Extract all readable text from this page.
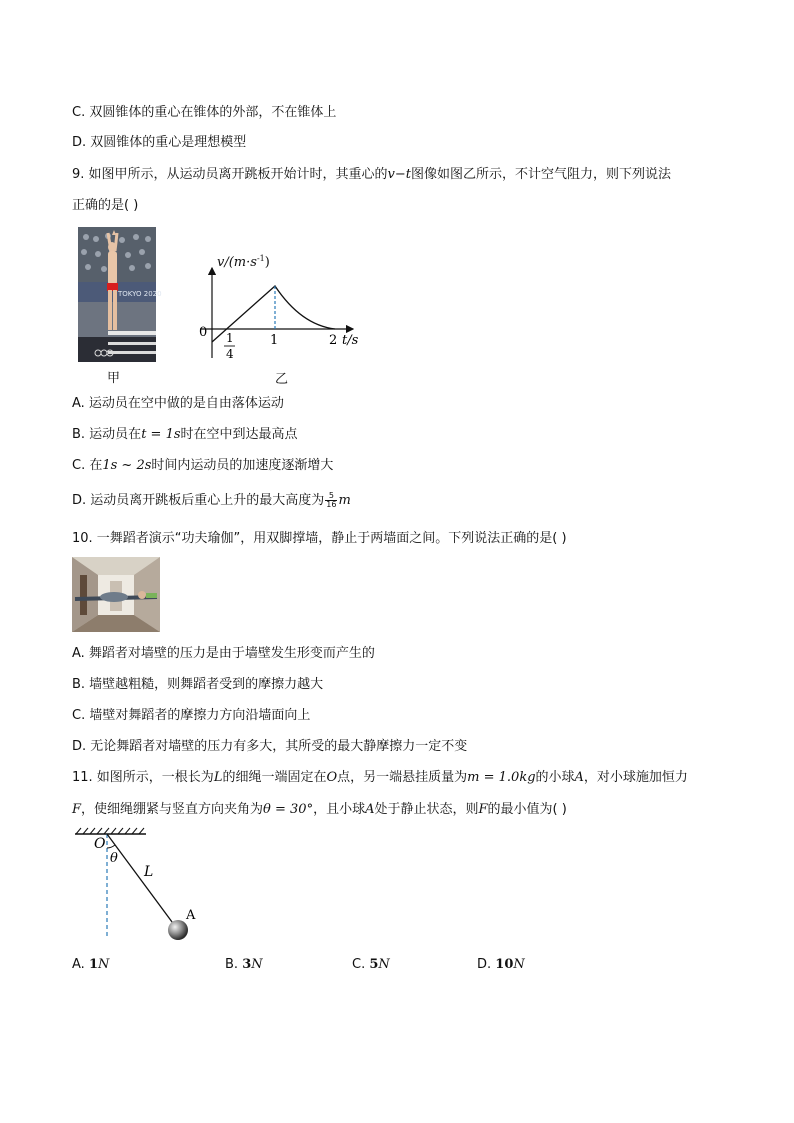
C. 双圆锥体的重心在锥体的外部，不在锥体上
D. 双圆锥体的重心是理想模型
9. 如图甲所示，从运动员离开跳板开始计时，其重心的v−t图像如图乙所示，不计空气阻力，则下列说法
正确的是( )
TOKYO 2020
甲
$v/(m\cdot s^{-1})$
0
1	2 t/s
1
4
乙
A. 运动员在空中做的是自由落体运动
B. 运动员在t = 1s时在空中到达最高点
C. 在1s ~ 2s时间内运动员的加速度逐渐增大
D. 运动员离开跳板后重心上升的最大高度为 $\frac{5}{16}$ m
10. 一舞蹈者演示“功夫瑜伽”，用双脚撑墙，静止于两墙面之间。下列说法正确的是( )
A. 舞蹈者对墙壁的压力是由于墙壁发生形变而产生的
B. 墙壁越粗糙，则舞蹈者受到的摩擦力越大
C. 墙壁对舞蹈者的摩擦力方向沿墙面向上
D. 无论舞蹈者对墙壁的压力有多大，其所受的最大静摩擦力一定不变
11. 如图所示，一根长为L的细绳一端固定在O点，另一端悬挂质量为m = 1.0kg的小球A，对小球施加恒力
F，使细绳绷紧与竖直方向夹角为θ = 30°，且小球A处于静止状态，则F的最小值为( )
O
θ
L
A
A. 1N	B. 3N	C. 5N	D. 10N
